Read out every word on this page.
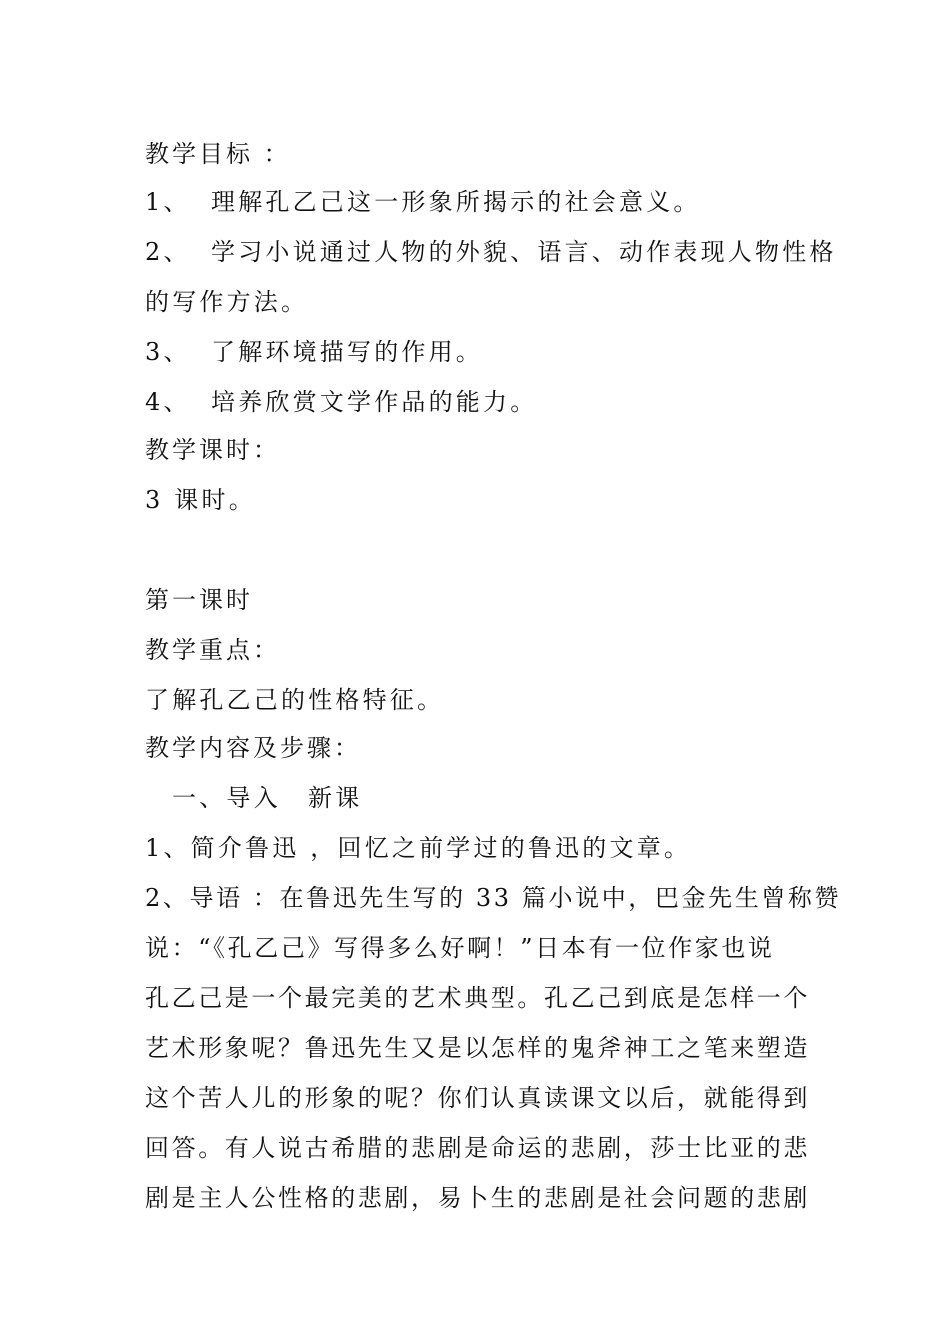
教学目标 ：
1、 理解孔乙己这一形象所揭示的社会意义。
2、 学习小说通过人物的外貌、语言、动作表现人物性格
的写作方法。
3、 了解环境描写的作用。
4、 培养欣赏文学作品的能力。
教学课时：
3 课时。
第一课时
教学重点：
了解孔乙己的性格特征。
教学内容及步骤：
一、导入　新课
1、简介鲁迅 ，回忆之前学过的鲁迅的文章。
2、导语 ：在鲁迅先生写的 33 篇小说中，巴金先生曾称赞
说：“《孔乙己》写得多么好啊！”日本有一位作家也说
孔乙己是一个最完美的艺术典型。孔乙己到底是怎样一个
艺术形象呢？鲁迅先生又是以怎样的鬼斧神工之笔来塑造
这个苦人儿的形象的呢？你们认真读课文以后，就能得到
回答。有人说古希腊的悲剧是命运的悲剧，莎士比亚的悲
剧是主人公性格的悲剧，易卜生的悲剧是社会问题的悲剧
